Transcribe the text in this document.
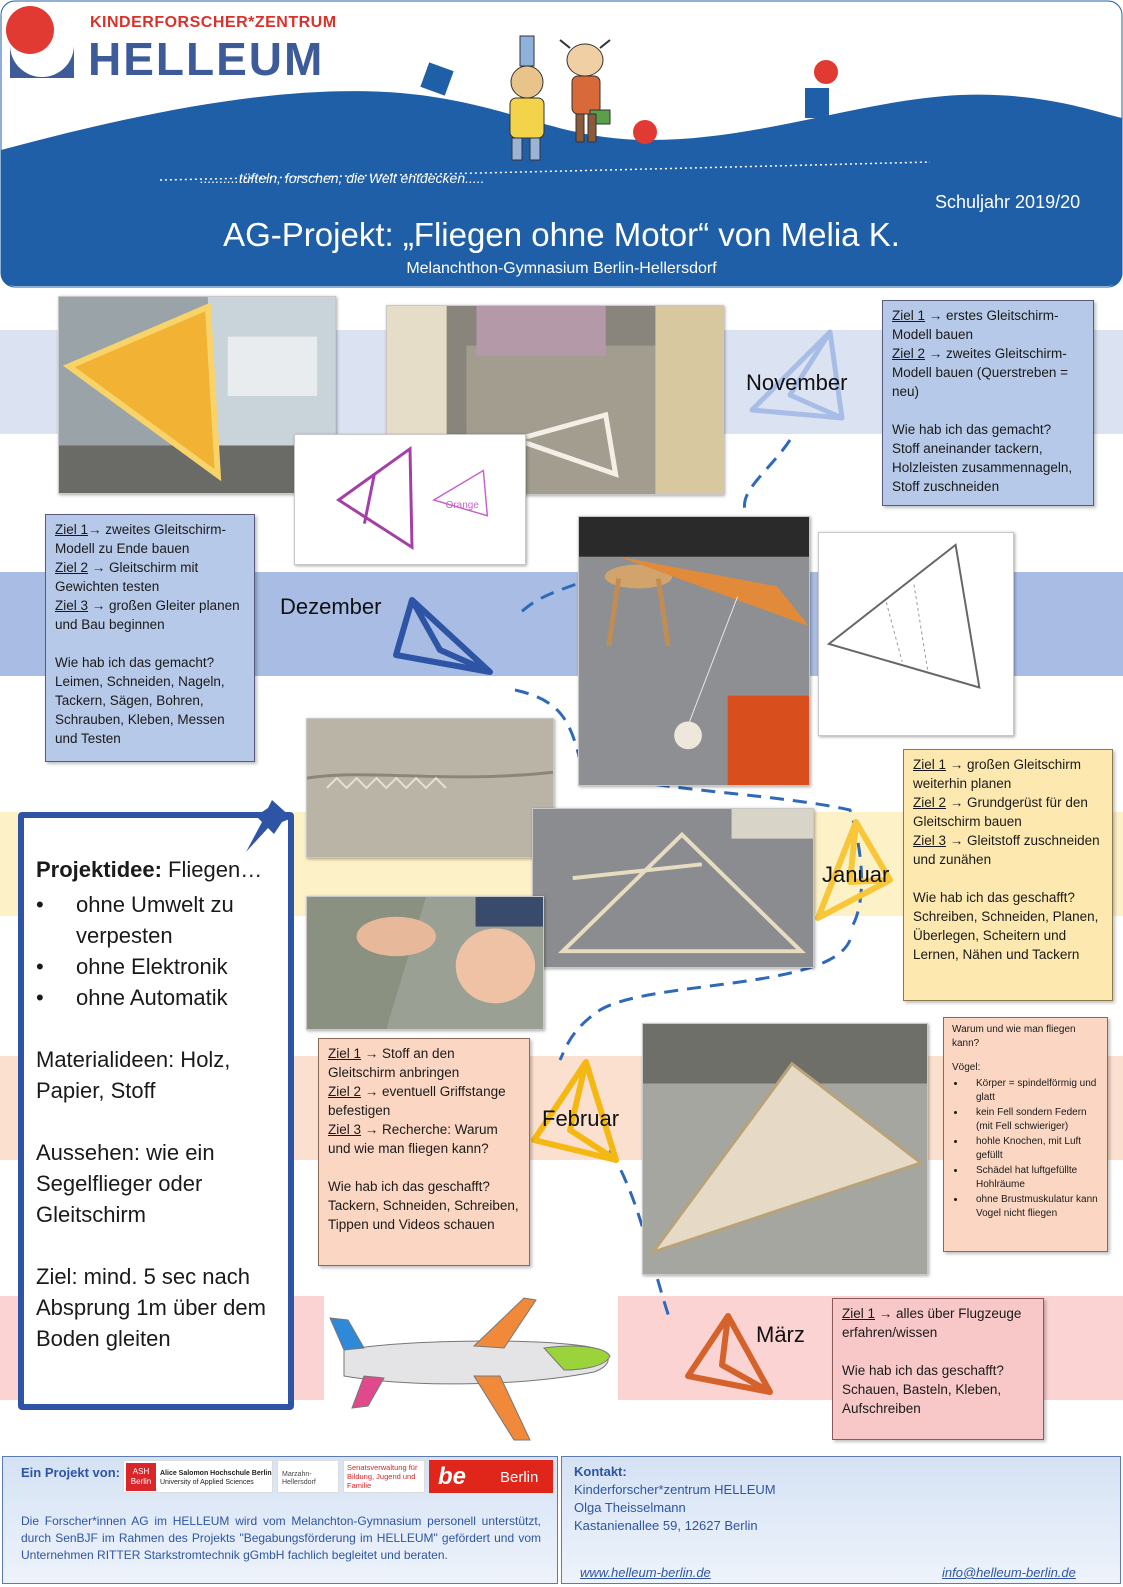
KINDERFORSCHER*ZENTRUM
HELLEUM
..........tüfteln, forschen, die Welt entdecken.....
Schuljahr 2019/20
AG-Projekt: „Fliegen ohne Motor“ von Melia K.
Melanchthon-Gymnasium Berlin-Hellersdorf
Orange
November
Dezember
Januar
Februar
März
Ziel 1 → erstes Gleitschirm-Modell bauen
Ziel 2 → zweites Gleitschirm-Modell bauen (Querstreben = neu)
Wie hab ich das gemacht?
Stoff aneinander tackern, Holzleisten zusammennageln, Stoff zuschneiden
Ziel 1→ zweites Gleitschirm-Modell zu Ende bauen
Ziel 2 → Gleitschirm mit Gewichten testen
Ziel 3 → großen Gleiter planen und Bau beginnen
Wie hab ich das gemacht?
Leimen, Schneiden, Nageln, Tackern, Sägen, Bohren, Schrauben, Kleben, Messen und Testen
Ziel 1 → großen Gleitschirm weiterhin planen
Ziel 2 → Grundgerüst für den Gleitschirm bauen
Ziel 3 → Gleitstoff zuschneiden und zunähen
Wie hab ich das geschafft?
Schreiben, Schneiden, Planen, Überlegen, Scheitern und Lernen, Nähen und Tackern
Ziel 1 → Stoff an den Gleitschirm anbringen
Ziel 2 → eventuell Griffstange befestigen
Ziel 3 → Recherche: Warum und wie man fliegen kann?
Wie hab ich das geschafft?
Tackern, Schneiden, Schreiben, Tippen und Videos schauen
Ziel 1 → alles über Flugzeuge erfahren/wissen
Wie hab ich das geschafft?
Schauen, Basteln, Kleben, Aufschreiben
Warum und wie man fliegen kann?
Vögel:
• Körper = spindelförmig und glatt
• kein Fell sondern Federn (mit Fell schwieriger)
• hohle Knochen, mit Luft gefüllt
• Schädel hat luftgefüllte Hohlräume
• ohne Brustmuskulatur kann Vogel nicht fliegen
Projektidee: Fliegen…
• ohne Umwelt zu verpesten
• ohne Elektronik
• ohne Automatik
Materialideen: Holz, Papier, Stoff
Aussehen: wie ein Segelflieger oder Gleitschirm
Ziel: mind. 5 sec nach Absprung 1m über dem Boden gleiten
Ein Projekt von:	ASH
Berlin
Alice Salomon Hochschule Berlin
University of Applied Sciences
Marzahn-Hellersdorf
Senatsverwaltung für Bildung, Jugend und Familie	be Berlin
Die Forscher*innen AG im HELLEUM wird vom Melanchton-Gymnasium personell unterstützt, durch SenBJF im Rahmen des Projekts "Begabungsförderung im HELLEUM" gefördert und vom Unternehmen RITTER Starkstromtechnik gGmbH fachlich begleitet und beraten.
Kontakt:
Kinderforscher*zentrum HELLEUM
Olga Theisselmann
Kastanienallee 59, 12627 Berlin
www.helleum-berlin.de	info@helleum-berlin.de
